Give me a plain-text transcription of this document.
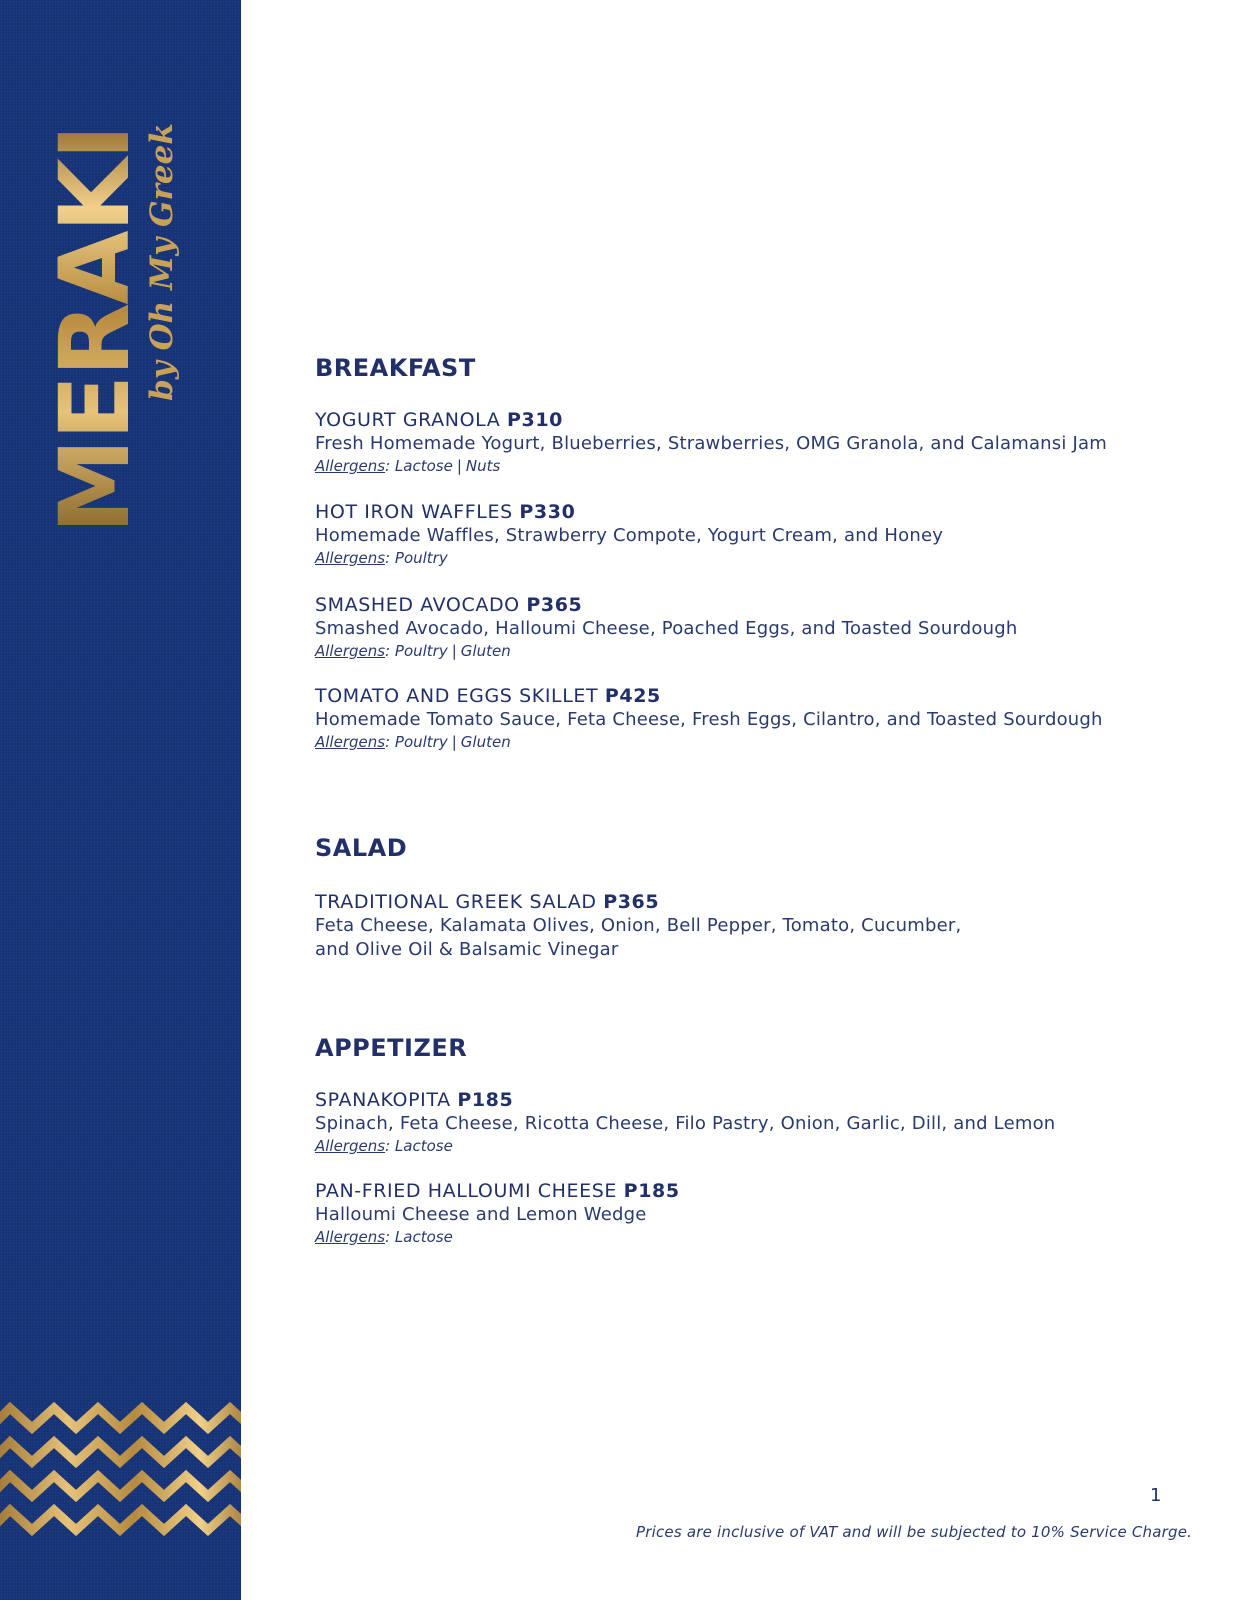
MERAKI
by Oh My Greek	BREAKFAST
YOGURT GRANOLA P310
Fresh Homemade Yogurt, Blueberries, Strawberries, OMG Granola, and Calamansi Jam
Allergens: Lactose | Nuts
HOT IRON WAFFLES P330
Homemade Waffles, Strawberry Compote, Yogurt Cream, and Honey
Allergens: Poultry
SMASHED AVOCADO P365
Smashed Avocado, Halloumi Cheese, Poached Eggs, and Toasted Sourdough
Allergens: Poultry | Gluten
TOMATO AND EGGS SKILLET P425
Homemade Tomato Sauce, Feta Cheese, Fresh Eggs, Cilantro, and Toasted Sourdough
Allergens: Poultry | Gluten
SALAD
TRADITIONAL GREEK SALAD P365
Feta Cheese, Kalamata Olives, Onion, Bell Pepper, Tomato, Cucumber,
and Olive Oil & Balsamic Vinegar
APPETIZER
SPANAKOPITA P185
Spinach, Feta Cheese, Ricotta Cheese, Filo Pastry, Onion, Garlic, Dill, and Lemon
Allergens: Lactose
PAN-FRIED HALLOUMI CHEESE P185
Halloumi Cheese and Lemon Wedge
Allergens: Lactose
1
Prices are inclusive of VAT and will be subjected to 10% Service Charge.
